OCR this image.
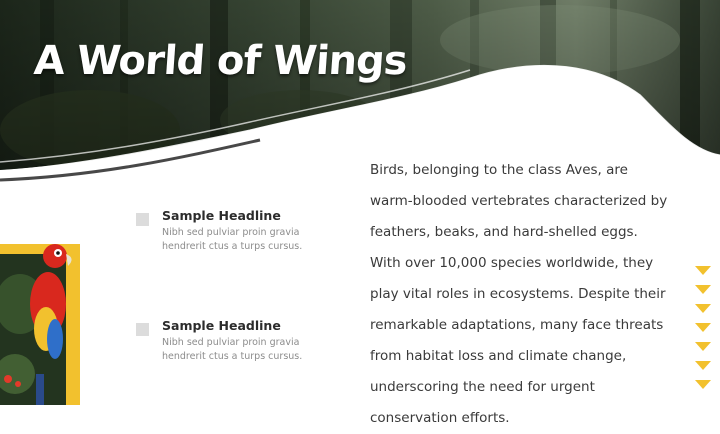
A World of Wings
Sample Headline
Nibh sed pulviar proin gravia hendrerit ctus a turps cursus.
Sample Headline
Nibh sed pulviar proin gravia hendrerit ctus a turps cursus.

Birds, belonging to the class Aves, are warm-blooded vertebrates characterized by feathers, beaks, and hard-shelled eggs. With over 10,000 species worldwide, they play vital roles in ecosystems. Despite their remarkable adaptations, many face threats from habitat loss and climate change, underscoring the need for urgent conservation efforts.
